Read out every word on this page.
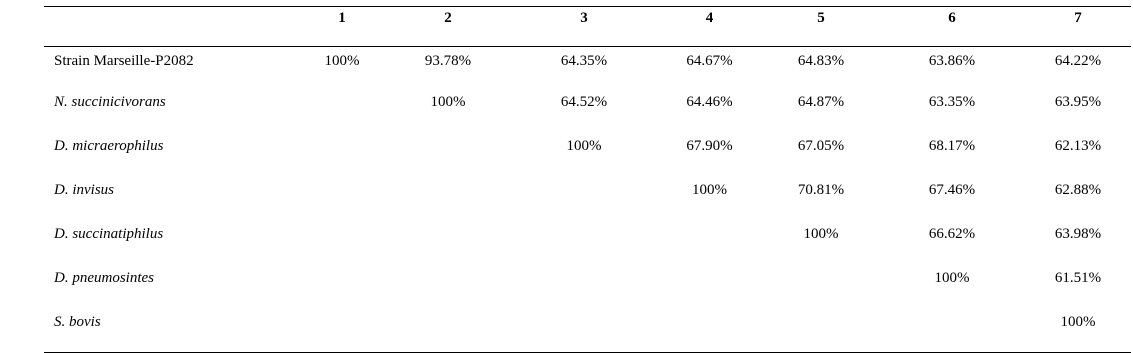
	1	2	3	4	5	6	7
Strain Marseille-P2082	100%	93.78%	64.35%	64.67%	64.83%	63.86%	64.22%
N. succinicivorans		100%	64.52%	64.46%	64.87%	63.35%	63.95%
D. micraerophilus			100%	67.90%	67.05%	68.17%	62.13%
D. invisus				100%	70.81%	67.46%	62.88%
D. succinatiphilus					100%	66.62%	63.98%
D. pneumosintes						100%	61.51%
S. bovis							100%
